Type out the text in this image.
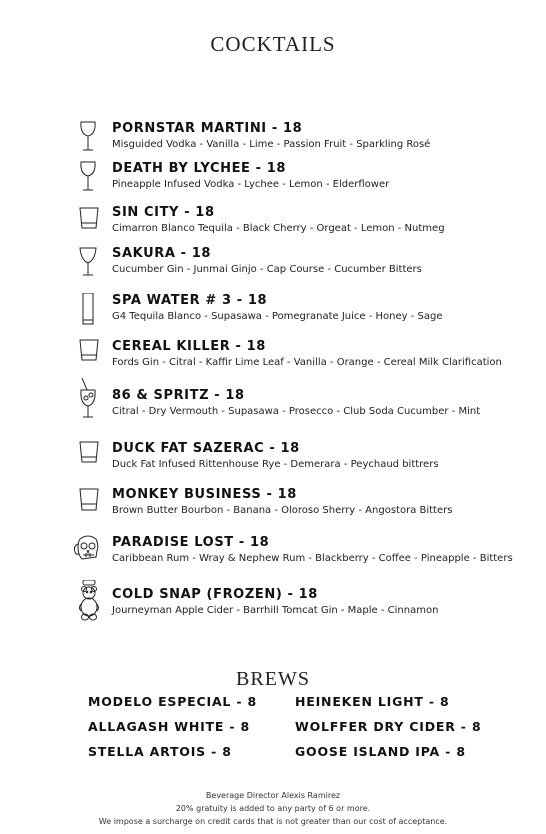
COCKTAILS
PORNSTAR MARTINI - 18
Misguided Vodka - Vanilla - Lime - Passion Fruit - Sparkling Rosé
DEATH BY LYCHEE - 18
Pineapple Infused Vodka - Lychee - Lemon - Elderflower
SIN CITY - 18
Cimarron Blanco Tequila - Black Cherry - Orgeat - Lemon - Nutmeg
SAKURA - 18
Cucumber Gin - Junmai Ginjo - Cap Course - Cucumber Bitters
SPA WATER # 3 - 18
G4 Tequila Blanco - Supasawa - Pomegranate Juice - Honey - Sage
CEREAL KILLER - 18
Fords Gin - Citral - Kaffir Lime Leaf - Vanilla - Orange - Cereal Milk Clarification
86 & SPRITZ - 18
Citral - Dry Vermouth - Supasawa - Prosecco - Club Soda Cucumber - Mint
DUCK FAT SAZERAC - 18
Duck Fat Infused Rittenhouse Rye - Demerara - Peychaud bittrers
MONKEY BUSINESS - 18
Brown Butter Bourbon - Banana - Oloroso Sherry - Angostora Bitters
PARADISE LOST - 18
Caribbean Rum - Wray & Nephew Rum - Blackberry - Coffee - Pineapple - Bitters
COLD SNAP (FROZEN) - 18
Journeyman Apple Cider - Barrhill Tomcat Gin - Maple - Cinnamon
BREWS
MODELO ESPECIAL - 8	HEINEKEN LIGHT - 8
ALLAGASH WHITE - 8	WOLFFER DRY CIDER - 8
STELLA ARTOIS - 8	GOOSE ISLAND IPA - 8
Beverage Director Alexis Ramirez
20% gratuity is added to any party of 6 or more.
We impose a surcharge on credit cards that is not greater than our cost of acceptance.
